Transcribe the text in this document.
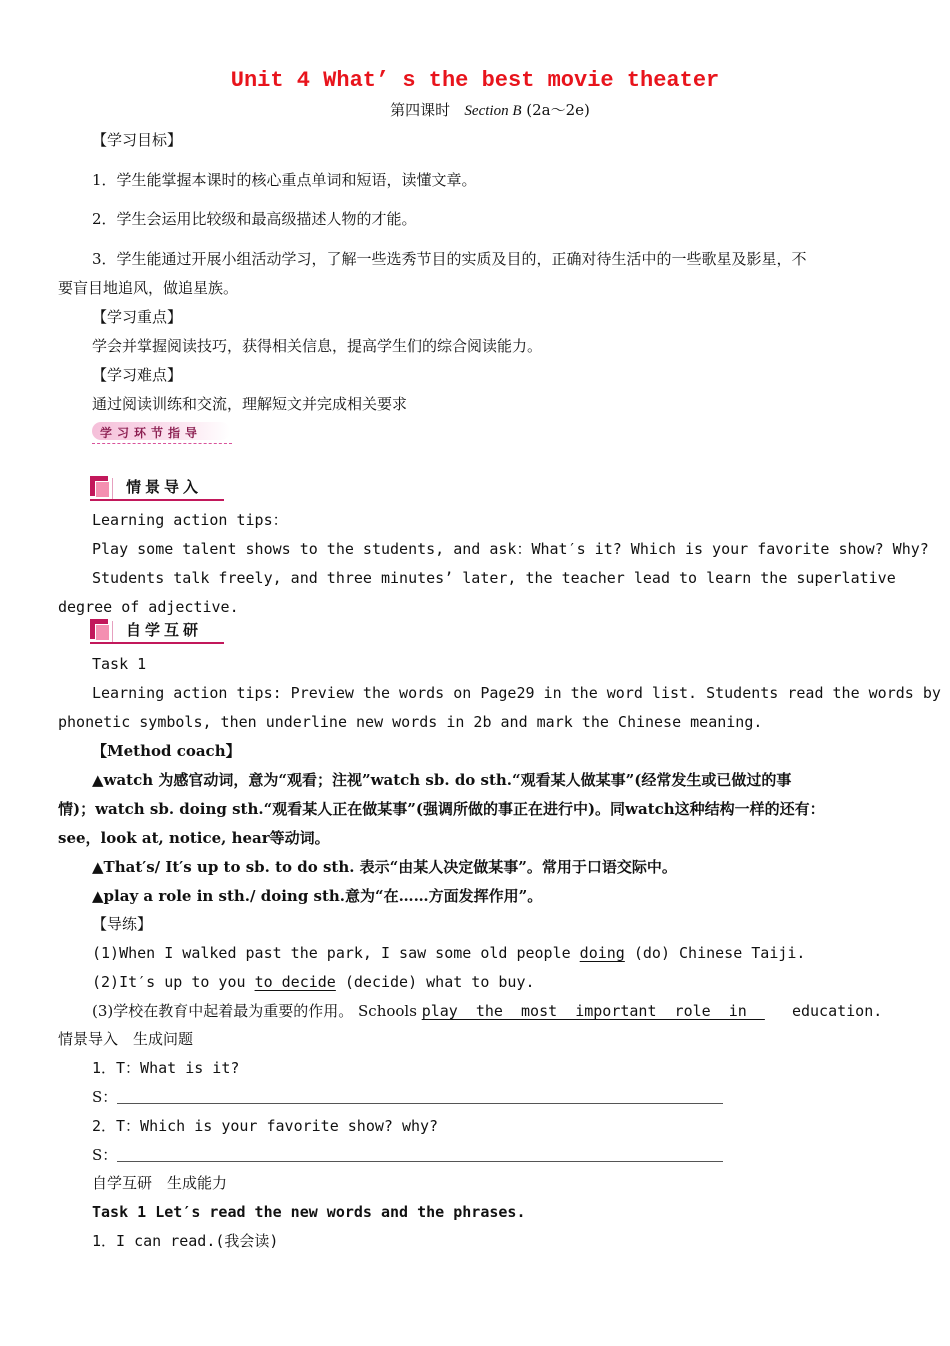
Unit 4 What’ s the best movie theater
第四课时 Section B (2a～2e)
【学习目标】
1．学生能掌握本课时的核心重点单词和短语，读懂文章。
2．学生会运用比较级和最高级描述人物的才能。
3．学生能通过开展小组活动学习，了解一些选秀节目的实质及目的，正确对待生活中的一些歌星及影星，不
要盲目地追风，做追星族。
【学习重点】
学会并掌握阅读技巧，获得相关信息，提高学生们的综合阅读能力。
【学习难点】
通过阅读训练和交流，理解短文并完成相关要求
学习环节指导
情景导入
Learning action tips：
Play some talent shows to the students, and ask：What′s it? Which is your favorite show? Why?
Students talk freely, and three minutes’ later, the teacher lead to learn the superlative
degree of adjective.
自学互研
Task 1
Learning action tips: Preview the words on Page29 in the word list. Students read the words by
phonetic symbols, then underline new words in 2b and mark the Chinese meaning.
【Method coach】
▲watch 为感官动词，意为“观看；注视”watch sb. do sth.“观看某人做某事”(经常发生或已做过的事
情)；watch sb. doing sth.“观看某人正在做某事”(强调所做的事正在进行中)。同watch这种结构一样的还有：
see，look at, notice, hear等动词。
▲That′s/ It′s up to sb. to do sth. 表示“由某人决定做某事”。常用于口语交际中。
▲play a role in sth./ doing sth.意为“在……方面发挥作用”。
【导练】
(1)When I walked past the park, I saw some old people doing (do) Chinese Taiji.
(2)It′s up to you to decide (decide) what to buy.
(3)学校在教育中起着最为重要的作用。 Schools play  the  most  important  role  in     education.
情景导入　生成问题
1．T：What is it?
S：
2．T：Which is your favorite show? why?
S：
自学互研　生成能力
Task 1 Let′s read the new words and the phrases.
1．I can read.(我会读)
